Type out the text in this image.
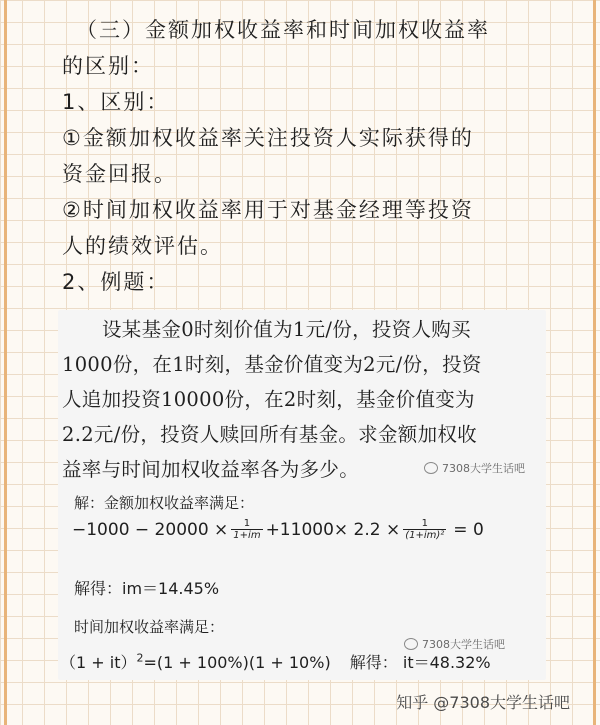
（三）金额加权收益率和时间加权收益率

的区别：

1、区别：

①金额加权收益率关注投资人实际获得的

资金回报。

②时间加权收益率用于对基金经理等投资

人的绩效评估。

2、例题：

设某基金0时刻价值为1元/份，投资人购买
1000份，在1时刻，基金价值变为2元/份，投资
人追加投资10000份，在2时刻，基金价值变为
2.2元/份，投资人赎回所有基金。求金额加权收
益率与时间加权收益率各为多少。	7308大学生话吧

解：金额加权收益率满足：

$-1000 - 20000 \times \frac{1}{1+im} +11000\times 2.2 \times \frac{1}{\text{(1+im)²}} = 0$

解得：im＝14.45%

时间加权收益率满足：

7308大学生话吧

（1 + it）$^2$=(1 + 100%)(1 + 10%) 解得： it＝48.32%

知乎 @7308大学生话吧
